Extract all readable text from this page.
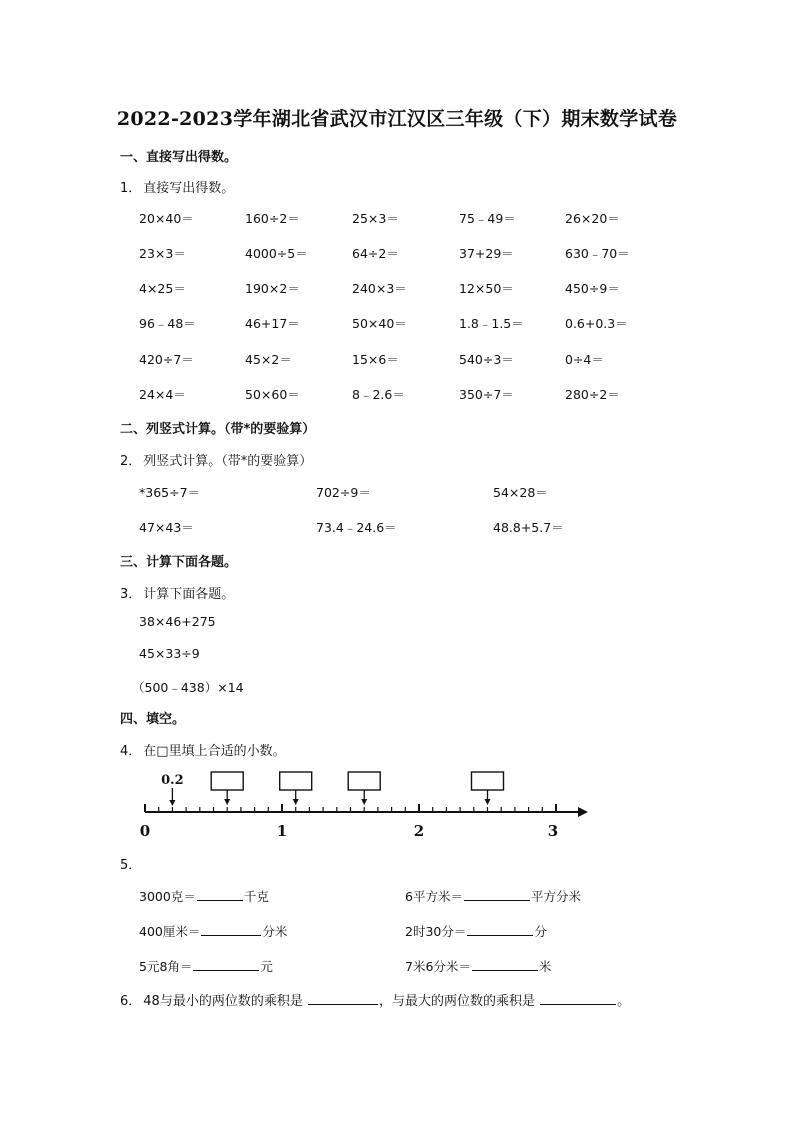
2022-2023学年湖北省武汉市江汉区三年级（下）期末数学试卷
一、直接写出得数。
1． 直接写出得数。
20×40＝	160÷2＝	25×3＝	75﹣49＝	26×20＝
23×3＝	4000÷5＝	64÷2＝	37+29＝	630﹣70＝
4×25＝	190×2＝	240×3＝	12×50＝	450÷9＝
96﹣48＝	46+17＝	50×40＝	1.8﹣1.5＝	0.6+0.3＝
420÷7＝	45×2＝	15×6＝	540÷3＝	0÷4＝
24×4＝	50×60＝	8﹣2.6＝	350÷7＝	280÷2＝
二、列竖式计算。（带*的要验算）
2． 列竖式计算。（带*的要验算）
*365÷7＝	702÷9＝	54×28＝
47×43＝	73.4﹣24.6＝	48.8+5.7＝
三、计算下面各题。
3． 计算下面各题。
38×46+275
45×33÷9
（500﹣438）×14
四、填空。
4． 在□里填上合适的小数。
0	1	2	3
0.2
5．
3000克＝	千克	6平方米＝	平方分米
400厘米＝	分米	2时30分＝	分
5元8角＝	元	7米6分米＝	米
6． 48与最小的两位数的乘积是	，与最大的两位数的乘积是	。
